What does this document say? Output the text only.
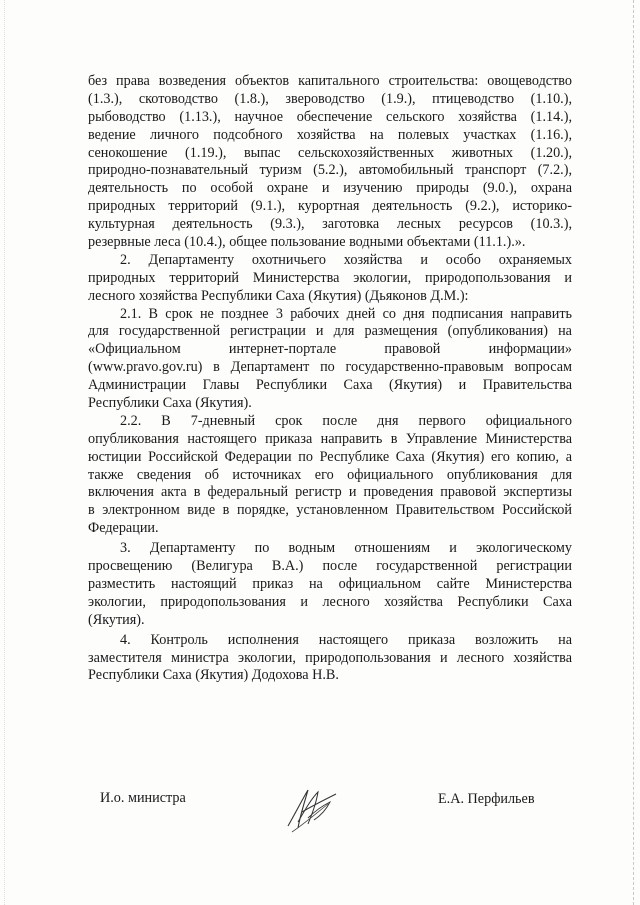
без права возведения объектов капитального строительства: овощеводство
(1.3.), скотоводство (1.8.), звероводство (1.9.), птицеводство (1.10.),
рыбоводство (1.13.), научное обеспечение сельского хозяйства (1.14.),
ведение личного подсобного хозяйства на полевых участках (1.16.),
сенокошение (1.19.), выпас сельскохозяйственных животных (1.20.),
природно-познавательный туризм (5.2.), автомобильный транспорт (7.2.),
деятельность по особой охране и изучению природы (9.0.), охрана
природных территорий (9.1.), курортная деятельность (9.2.), историко-
культурная деятельность (9.3.), заготовка лесных ресурсов (10.3.),
резервные леса (10.4.), общее пользование водными объектами (11.1.).».
2. Департаменту охотничьего хозяйства и особо охраняемых
природных территорий Министерства экологии, природопользования и
лесного хозяйства Республики Саха (Якутия) (Дьяконов Д.М.):
2.1. В срок не позднее 3 рабочих дней со дня подписания направить
для государственной регистрации и для размещения (опубликования) на
«Официальном интернет-портале правовой информации»
(www.pravo.gov.ru) в Департамент по государственно-правовым вопросам
Администрации Главы Республики Саха (Якутия) и Правительства
Республики Саха (Якутия).
2.2. В 7-дневный срок после дня первого официального
опубликования настоящего приказа направить в Управление Министерства
юстиции Российской Федерации по Республике Саха (Якутия) его копию, а
также сведения об источниках его официального опубликования для
включения акта в федеральный регистр и проведения правовой экспертизы
в электронном виде в порядке, установленном Правительством Российской
Федерации.
3. Департаменту по водным отношениям и экологическому
просвещению (Велигура В.А.) после государственной регистрации
разместить настоящий приказ на официальном сайте Министерства
экологии, природопользования и лесного хозяйства Республики Саха
(Якутия).
4. Контроль исполнения настоящего приказа возложить на
заместителя министра экологии, природопользования и лесного хозяйства
Республики Саха (Якутия) Додохова Н.В.
И.о. министра	Е.А. Перфильев
